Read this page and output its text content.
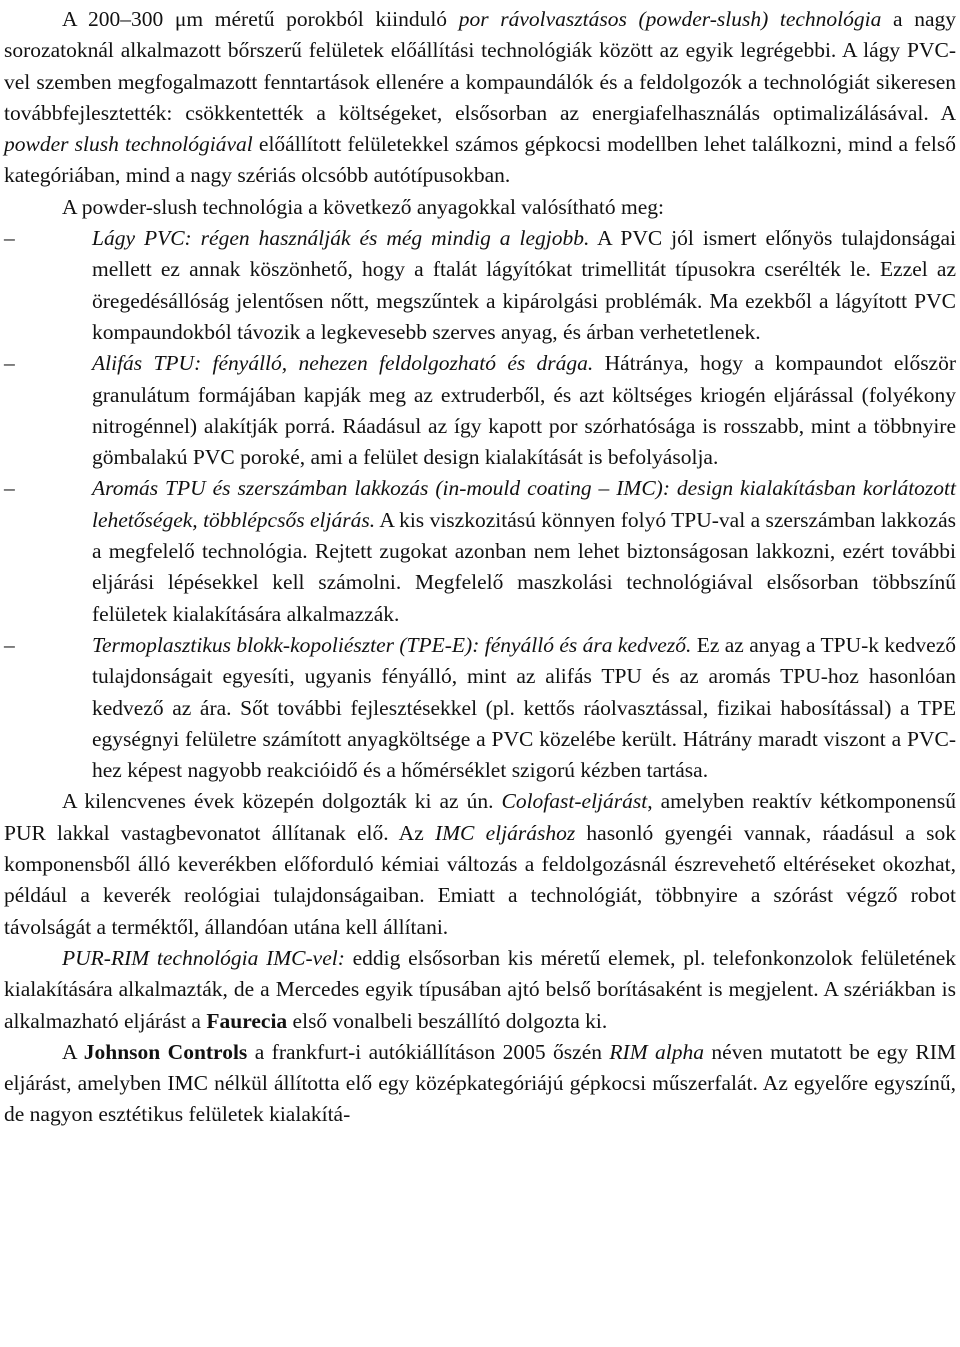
A 200–300 μm méretű porokból kiinduló por rávolvasztásos (powder-slush) technológia a nagy sorozatoknál alkalmazott bőrszerű felületek előállítási technológiák között az egyik legrégebbi. A lágy PVC-vel szemben megfogalmazott fenntartások ellenére a kompaundálók és a feldolgozók a technológiát sikeresen továbbfejlesztették: csökkentették a költségeket, elsősorban az energiafelhasználás optimalizálásával. A powder slush technológiával előállított felületekkel számos gépkocsi modellben lehet találkozni, mind a felső kategóriában, mind a nagy szériás olcsóbb autótípusokban.

A powder-slush technológia a következő anyagokkal valósítható meg:

–	Lágy PVC: régen használják és még mindig a legjobb. A PVC jól ismert előnyös tulajdonságai mellett ez annak köszönhető, hogy a ftalát lágyítókat trimellitát típusokra cserélték le. Ezzel az öregedésállóság jelentősen nőtt, megszűntek a kipárolgási problémák. Ma ezekből a lágyított PVC kompaundokból távozik a legkevesebb szerves anyag, és árban verhetetlenek.
–	Alifás TPU: fényálló, nehezen feldolgozható és drága. Hátránya, hogy a kompaundot először granulátum formájában kapják meg az extruderből, és azt költséges kriogén eljárással (folyékony nitrogénnel) alakítják porrá. Ráadásul az így kapott por szórhatósága is rosszabb, mint a többnyire gömbalakú PVC poroké, ami a felület design kialakítását is befolyásolja.
–	Aromás TPU és szerszámban lakkozás (in-mould coating – IMC): design kialakításban korlátozott lehetőségek, többlépcsős eljárás. A kis viszkozitású könnyen folyó TPU-val a szerszámban lakkozás a megfelelő technológia. Rejtett zugokat azonban nem lehet biztonságosan lakkozni, ezért további eljárási lépésekkel kell számolni. Megfelelő maszkolási technológiával elsősorban többszínű felületek kialakítására alkalmazzák.
–	Termoplasztikus blokk-kopoliészter (TPE-E): fényálló és ára kedvező. Ez az anyag a TPU-k kedvező tulajdonságait egyesíti, ugyanis fényálló, mint az alifás TPU és az aromás TPU-hoz hasonlóan kedvező az ára. Sőt további fejlesztésekkel (pl. kettős ráolvasztással, fizikai habosítással) a TPE egységnyi felületre számított anyagköltsége a PVC közelébe került. Hátrány maradt viszont a PVC-hez képest nagyobb reakcióidő és a hőmérséklet szigorú kézben tartása.

A kilencvenes évek közepén dolgozták ki az ún. Colofast-eljárást, amelyben reaktív kétkomponensű PUR lakkal vastagbevonatot állítanak elő. Az IMC eljáráshoz hasonló gyengéi vannak, ráadásul a sok komponensből álló keverékben előforduló kémiai változás a feldolgozásnál észrevehető eltéréseket okozhat, például a keverék reológiai tulajdonságaiban. Emiatt a technológiát, többnyire a szórást végző robot távolságát a terméktől, állandóan utána kell állítani.

PUR-RIM technológia IMC-vel: eddig elsősorban kis méretű elemek, pl. telefonkonzolok felületének kialakítására alkalmazták, de a Mercedes egyik típusában ajtó belső borításaként is megjelent. A szériákban is alkalmazható eljárást a Faurecia első vonalbeli beszállító dolgozta ki.

A Johnson Controls a frankfurt-i autókiállításon 2005 őszén RIM alpha néven mutatott be egy RIM eljárást, amelyben IMC nélkül állította elő egy középkategóriájú gépkocsi műszerfalát. Az egyelőre egyszínű, de nagyon esztétikus felületek kialakítá-
